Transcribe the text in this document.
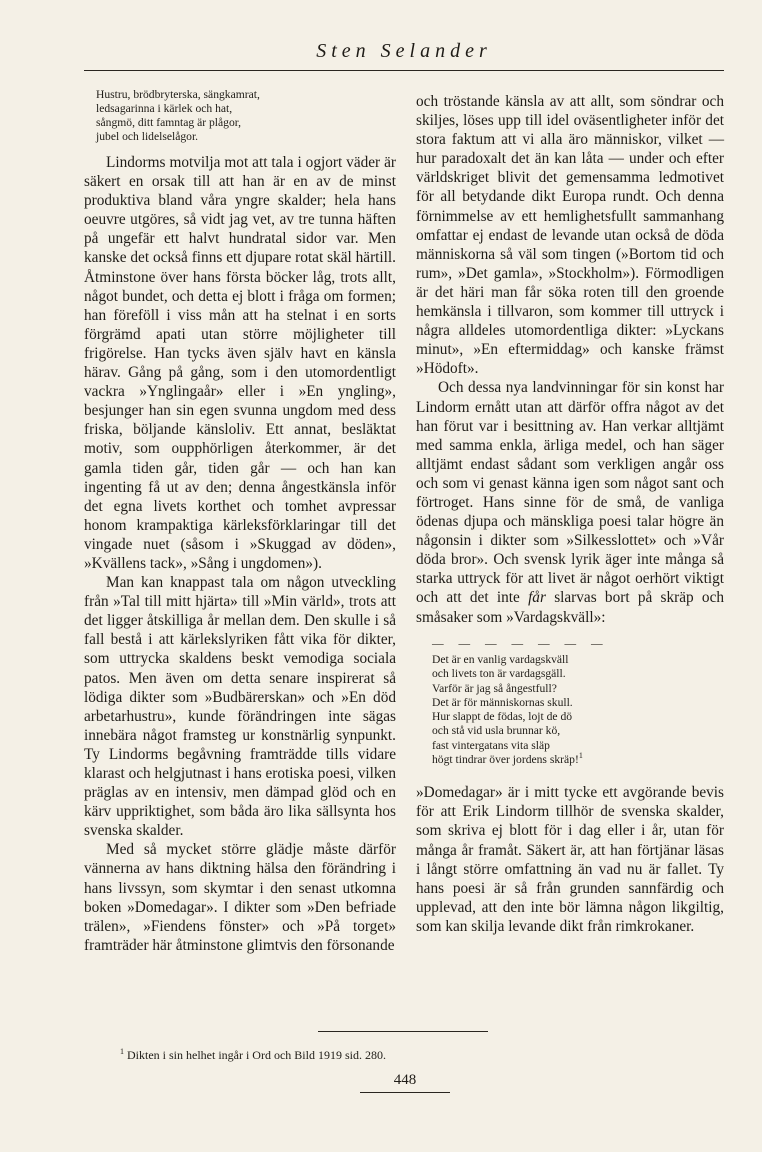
Sten Selander
Hustru, brödbryterska, sängkamrat,
ledsagarinna i kärlek och hat,
sångmö, ditt famntag är plågor,
jubel och lidelselågor.

Lindorms motvilja mot att tala i ogjort väder är säkert en orsak till att han är en av de minst produktiva bland våra yngre skalder; hela hans oeuvre utgöres, så vidt jag vet, av tre tunna häften på ungefär ett halvt hundratal sidor var. Men kanske det också finns ett djupare rotat skäl härtill. Åtminstone över hans första böcker låg, trots allt, något bundet, och detta ej blott i fråga om formen; han föreföll i viss mån att ha stelnat i en sorts förgrämd apati utan större möjligheter till frigörelse. Han tycks även själv havt en känsla härav. Gång på gång, som i den utomordentligt vackra »Ynglingaår» eller i »En yngling», besjunger han sin egen svunna ungdom med dess friska, böljande känsloliv. Ett annat, besläktat motiv, som oupphörligen återkommer, är det gamla tiden går, tiden går — och han kan ingenting få ut av den; denna ångestkänsla inför det egna livets korthet och tomhet avpressar honom krampaktiga kärleksförklaringar till det vingade nuet (såsom i »Skuggad av döden», »Kvällens tack», »Sång i ungdomen»).

Man kan knappast tala om någon utveckling från »Tal till mitt hjärta» till »Min värld», trots att det ligger åtskilliga år mellan dem. Den skulle i så fall bestå i att kärlekslyriken fått vika för dikter, som uttrycka skaldens beskt vemodiga sociala patos. Men även om detta senare inspirerat så lödiga dikter som »Budbärerskan» och »En död arbetarhustru», kunde förändringen inte sägas innebära något framsteg ur konstnärlig synpunkt. Ty Lindorms begåvning framträdde tills vidare klarast och helgjutnast i hans erotiska poesi, vilken präglas av en intensiv, men dämpad glöd och en kärv uppriktighet, som båda äro lika sällsynta hos svenska skalder.

Med så mycket större glädje måste därför vännerna av hans diktning hälsa den förändring i hans livssyn, som skymtar i den senast utkomna boken »Domedagar». I dikter som »Den befriade trälen», »Fiendens fönster» och »På torget» framträder här åtminstone glimtvis den försonande

och tröstande känsla av att allt, som söndrar och skiljes, löses upp till idel oväsentligheter inför det stora faktum att vi alla äro människor, vilket — hur paradoxalt det än kan låta — under och efter världskriget blivit det gemensamma ledmotivet för all betydande dikt Europa rundt. Och denna förnimmelse av ett hemlighetsfullt sammanhang omfattar ej endast de levande utan också de döda människorna så väl som tingen (»Bortom tid och rum», »Det gamla», »Stockholm»). Förmodligen är det häri man får söka roten till den groende hemkänsla i tillvaron, som kommer till uttryck i några alldeles utomordentliga dikter: »Lyckans minut», »En eftermiddag» och kanske främst »Hödoft».

Och dessa nya landvinningar för sin konst har Lindorm ernått utan att därför offra något av det han förut var i besittning av. Han verkar alltjämt med samma enkla, ärliga medel, och han säger alltjämt endast sådant som verkligen angår oss och som vi genast känna igen som något sant och förtroget. Hans sinne för de små, de vanliga ödenas djupa och mänskliga poesi talar högre än någonsin i dikter som »Silkesslottet» och »Vår döda bror». Och svensk lyrik äger inte många så starka uttryck för att livet är något oerhört viktigt och att det inte får slarvas bort på skräp och småsaker som »Vardagskväll»:

— — — — — — —
Det är en vanlig vardagskväll
och livets ton är vardagsgäll.
Varför är jag så ångestfull?
Det är för människornas skull.
Hur slappt de födas, lojt de dö
och stå vid usla brunnar kö,
fast vintergatans vita släp
högt tindrar över jordens skräp!$^1$

»Domedagar» är i mitt tycke ett avgörande bevis för att Erik Lindorm tillhör de svenska skalder, som skriva ej blott för i dag eller i år, utan för många år framåt. Säkert är, att han förtjänar läsas i långt större omfattning än vad nu är fallet. Ty hans poesi är så från grunden sannfärdig och upplevad, att den inte bör lämna någon likgiltig, som kan skilja levande dikt från rimkrokaner.

$^1$ Dikten i sin helhet ingår i Ord och Bild 1919 sid. 280.
448
